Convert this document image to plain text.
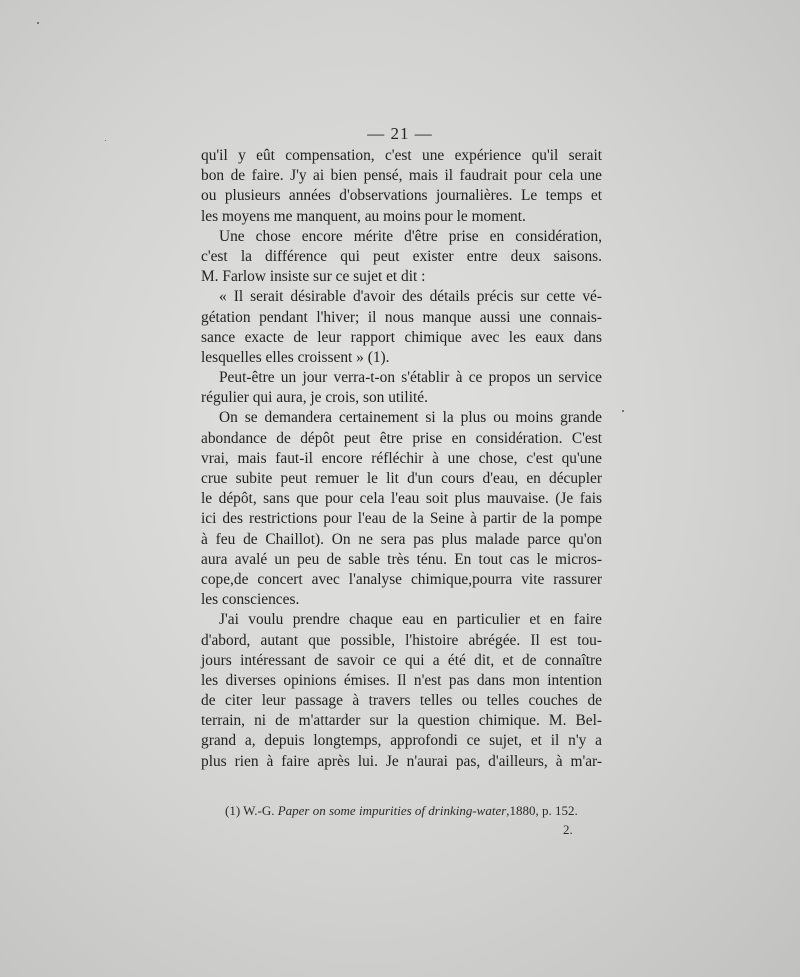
— 21 —
qu'il y eût compensation, c'est une expérience qu'il serait
bon de faire. J'y ai bien pensé, mais il faudrait pour cela une
ou plusieurs années d'observations journalières. Le temps et
les moyens me manquent, au moins pour le moment.
Une chose encore mérite d'être prise en considération,
c'est la différence qui peut exister entre deux saisons.
M. Farlow insiste sur ce sujet et dit :
« Il serait désirable d'avoir des détails précis sur cette vé-
gétation pendant l'hiver; il nous manque aussi une connais-
sance exacte de leur rapport chimique avec les eaux dans
lesquelles elles croissent » (1).
Peut-être un jour verra-t-on s'établir à ce propos un service
régulier qui aura, je crois, son utilité.
On se demandera certainement si la plus ou moins grande
abondance de dépôt peut être prise en considération. C'est
vrai, mais faut-il encore réfléchir à une chose, c'est qu'une
crue subite peut remuer le lit d'un cours d'eau, en décupler
le dépôt, sans que pour cela l'eau soit plus mauvaise. (Je fais
ici des restrictions pour l'eau de la Seine à partir de la pompe
à feu de Chaillot). On ne sera pas plus malade parce qu'on
aura avalé un peu de sable très ténu. En tout cas le micros-
cope,de concert avec l'analyse chimique,pourra vite rassurer
les consciences.
J'ai voulu prendre chaque eau en particulier et en faire
d'abord, autant que possible, l'histoire abrégée. Il est tou-
jours intéressant de savoir ce qui a été dit, et de connaître
les diverses opinions émises. Il n'est pas dans mon intention
de citer leur passage à travers telles ou telles couches de
terrain, ni de m'attarder sur la question chimique. M. Bel-
grand a, depuis longtemps, approfondi ce sujet, et il n'y a
plus rien à faire après lui. Je n'aurai pas, d'ailleurs, à m'ar-
(1) W.-G. Paper on some impurities of drinking-water,1880, p. 152.
2.
